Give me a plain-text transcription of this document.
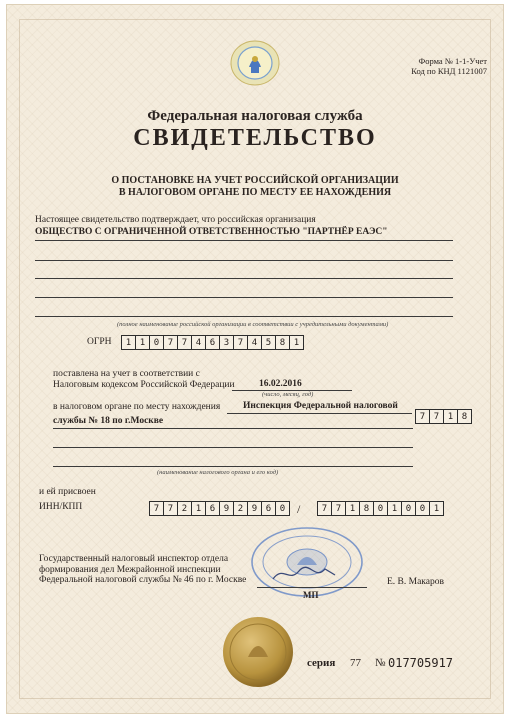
Форма № 1-1-Учет
Код по КНД 1121007
Федеральная налоговая служба
СВИДЕТЕЛЬСТВО
О ПОСТАНОВКЕ НА УЧЕТ РОССИЙСКОЙ ОРГАНИЗАЦИИ
В НАЛОГОВОМ ОРГАНЕ ПО МЕСТУ ЕЕ НАХОЖДЕНИЯ
Настоящее свидетельство подтверждает, что российская организация
ОБЩЕСТВО С ОГРАНИЧЕННОЙ ОТВЕТСТВЕННОСТЬЮ "ПАРТНЁР ЕАЭС"
(полное наименование российской организации в соответствии с учредительными документами)
ОГРН	1 1 0 7 7 4 6 3 7 4 5 8 1
поставлена на учет в соответствии с
Налоговым кодексом Российской Федерации	16.02.2016
(число, месяц, год)
в налоговом органе по месту нахождения Инспекция Федеральной налоговой
службы № 18 по г.Москве	7 7 1 8
(наименование налогового органа и его код)
и ей присвоен
ИНН/КПП	7 7 2 1 6 9 2 9 6 0 /	7 7 1 8 0 1 0 0 1
Государственный налоговый инспектор отдела
формирования дел Межрайонной инспекции
Федеральной налоговой службы № 46 по г. Москве	Е. В. Макаров
МП
серия 77 № 017705917
